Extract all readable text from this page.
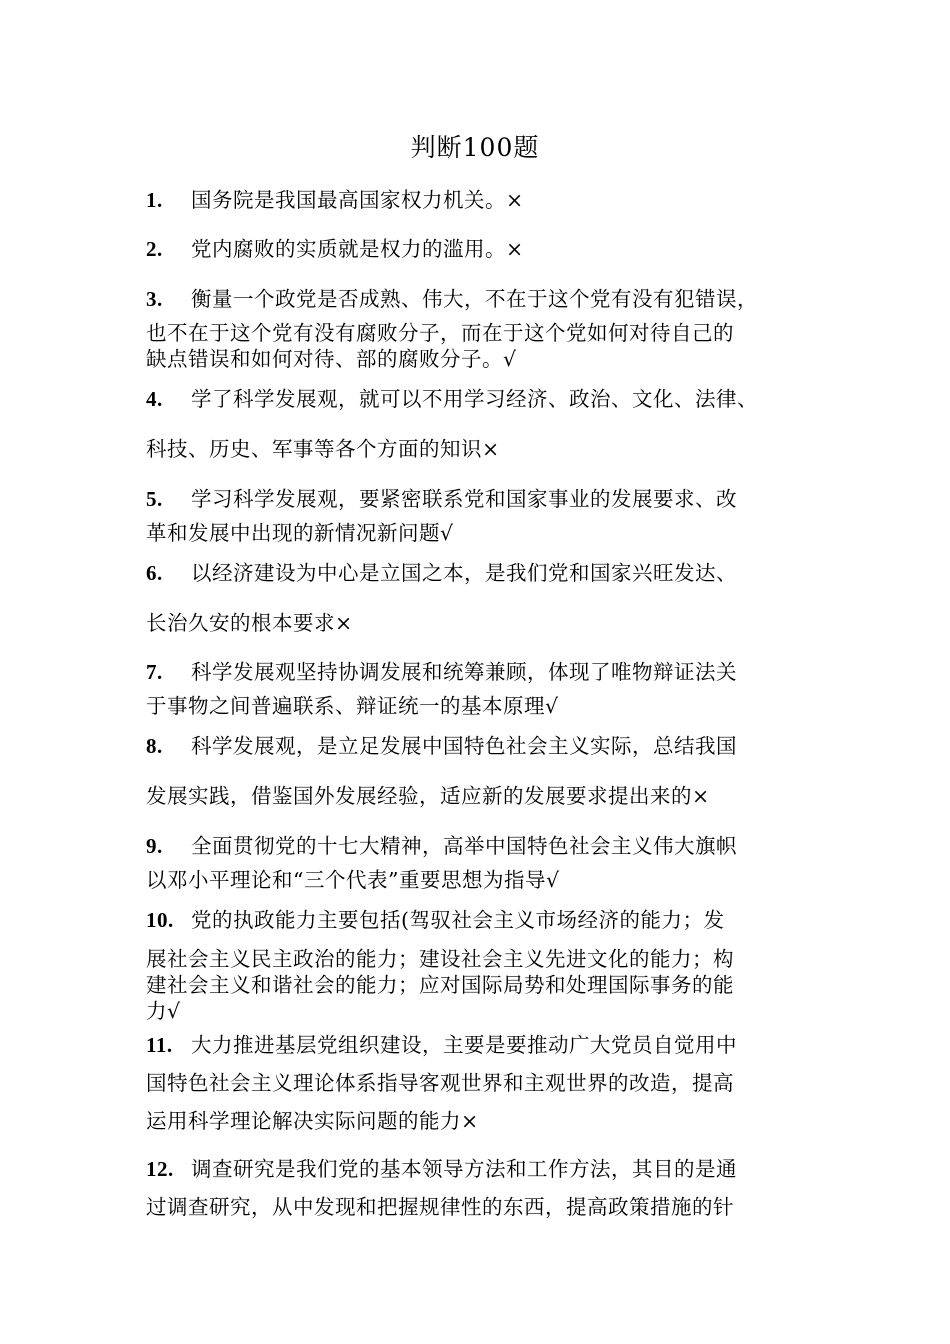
判断100题
1. 国务院是我国最高国家权力机关。×
2. 党内腐败的实质就是权力的滥用。×
3. 衡量一个政党是否成熟、伟大，不在于这个党有没有犯错误，
也不在于这个党有没有腐败分子，而在于这个党如何对待自己的
缺点错误和如何对待、部的腐败分子。√
4. 学了科学发展观，就可以不用学习经济、政治、文化、法律、
科技、历史、军事等各个方面的知识×
5. 学习科学发展观，要紧密联系党和国家事业的发展要求、改
革和发展中出现的新情况新问题√
6. 以经济建设为中心是立国之本，是我们党和国家兴旺发达、
长治久安的根本要求×
7. 科学发展观坚持协调发展和统筹兼顾，体现了唯物辩证法关
于事物之间普遍联系、辩证统一的基本原理√
8. 科学发展观，是立足发展中国特色社会主义实际，总结我国
发展实践，借鉴国外发展经验，适应新的发展要求提出来的×
9. 全面贯彻党的十七大精神，高举中国特色社会主义伟大旗帜
以邓小平理论和“三个代表”重要思想为指导√
10. 党的执政能力主要包括(驾驭社会主义市场经济的能力；发
展社会主义民主政治的能力；建设社会主义先进文化的能力；构
建社会主义和谐社会的能力；应对国际局势和处理国际事务的能
力√
11. 大力推进基层党组织建设，主要是要推动广大党员自觉用中
国特色社会主义理论体系指导客观世界和主观世界的改造，提高
运用科学理论解决实际问题的能力×
12. 调查研究是我们党的基本领导方法和工作方法，其目的是通
过调查研究，从中发现和把握规律性的东西，提高政策措施的针
